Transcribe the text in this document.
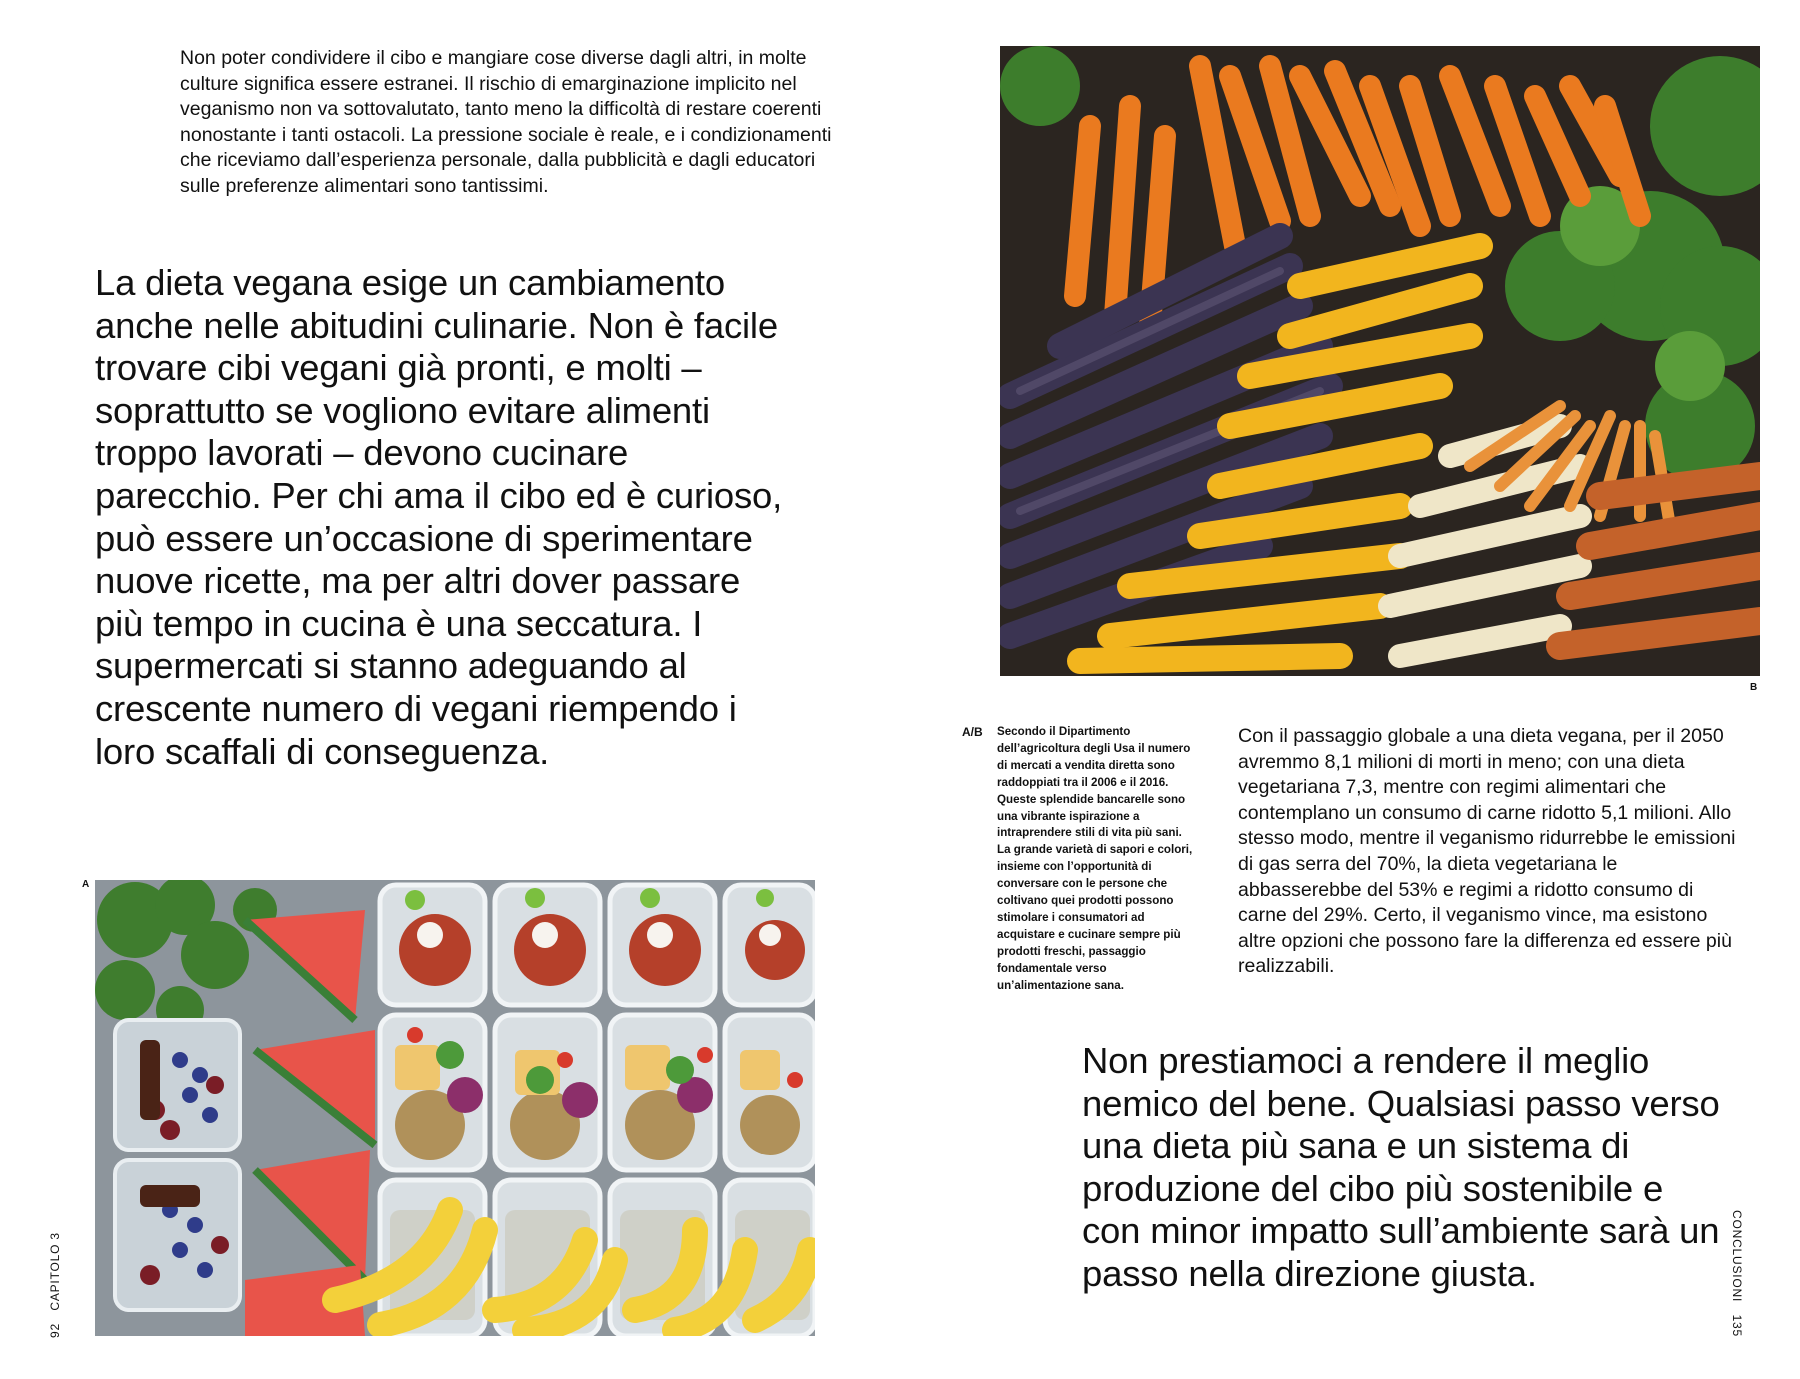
Non poter condividere il cibo e mangiare cose diverse dagli altri, in molte culture significa essere estranei. Il rischio di emarginazione implicito nel veganismo non va sottovalutato, tanto meno la difficoltà di restare coerenti nonostante i tanti ostacoli. La pressione sociale è reale, e i condizionamenti che riceviamo dall’esperienza personale, dalla pubblicità e dagli educatori sulle preferenze alimentari sono tantissimi.

La dieta vegana esige un cambiamento anche nelle abitudini culinarie. Non è facile trovare cibi vegani già pronti, e molti – soprattutto se vogliono evitare alimenti troppo lavorati – devono cucinare parecchio. Per chi ama il cibo ed è curioso, può essere un’occasione di sperimentare nuove ricette, ma per altri dover passare più tempo in cucina è una seccatura. I supermercati si stanno adeguando al crescente numero di vegani riempendo i loro scaffali di conseguenza.

A
92   CAPITOLO 3
B
A/B Secondo il Dipartimento dell’agricoltura degli Usa il numero di mercati a vendita diretta sono raddoppiati tra il 2006 e il 2016. Queste splendide bancarelle sono una vibrante ispirazione a intraprendere stili di vita più sani. La grande varietà di sapori e colori, insieme con l’opportunità di conversare con le persone che coltivano quei prodotti possono stimolare i consumatori ad acquistare e cucinare sempre più prodotti freschi, passaggio fondamentale verso un’alimentazione sana.

Con il passaggio globale a una dieta vegana, per il 2050 avremmo 8,1 milioni di morti in meno; con una dieta vegetariana 7,3, mentre con regimi alimentari che contemplano un consumo di carne ridotto 5,1 milioni. Allo stesso modo, mentre il veganismo ridurrebbe le emissioni di gas serra del 70%, la dieta vegetariana le abbasserebbe del 53% e regimi a ridotto consumo di carne del 29%. Certo, il veganismo vince, ma esistono altre opzioni che possono fare la differenza ed essere più realizzabili.

Non prestiamoci a rendere il meglio nemico del bene. Qualsiasi passo verso una dieta più sana e un sistema di produzione del cibo più sostenibile e con minor impatto sull’ambiente sarà un passo nella direzione giusta.	CONCLUSIONI   135
